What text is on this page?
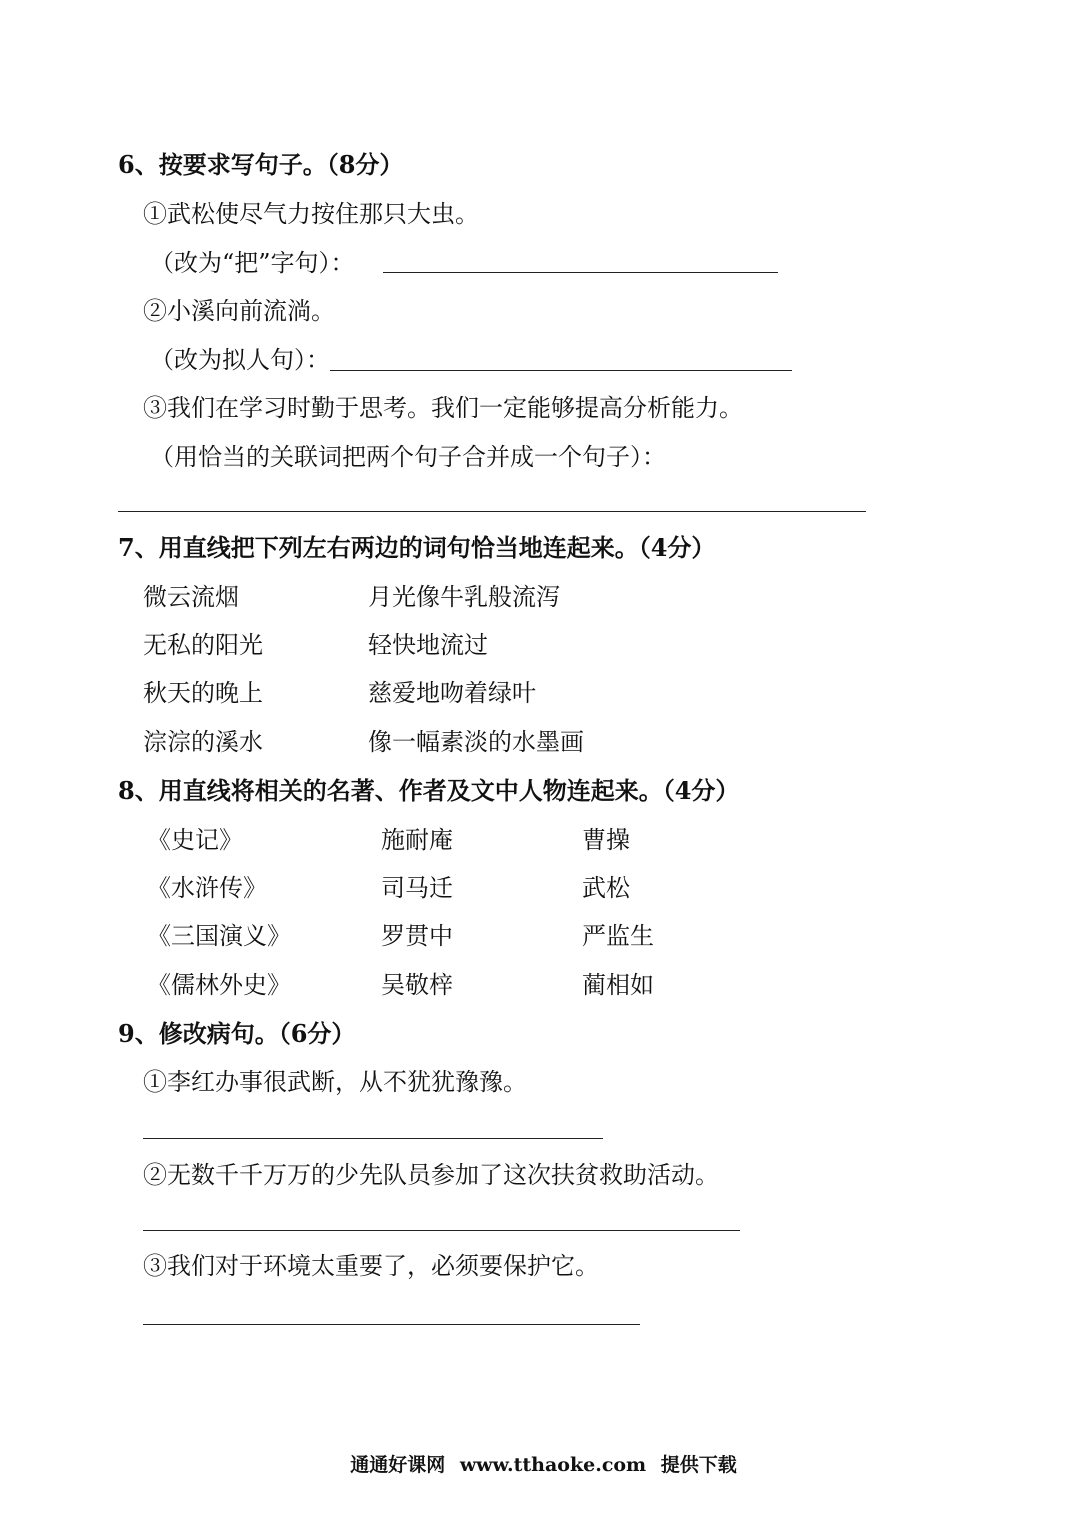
6、按要求写句子。（8分）
①武松使尽气力按住那只大虫。
（改为“把”字句）：
②小溪向前流淌。
（改为拟人句）：
③我们在学习时勤于思考。我们一定能够提高分析能力。
（用恰当的关联词把两个句子合并成一个句子）：
7、用直线把下列左右两边的词句恰当地连起来。（4分）
微云流烟	月光像牛乳般流泻
无私的阳光	轻快地流过
秋天的晚上	慈爱地吻着绿叶
淙淙的溪水	像一幅素淡的水墨画
8、用直线将相关的名著、作者及文中人物连起来。（4分）
《史记》	施耐庵	曹操
《水浒传》	司马迁	武松
《三国演义》	罗贯中	严监生
《儒林外史》	吴敬梓	蔺相如
9、修改病句。（6分）
①李红办事很武断，从不犹犹豫豫。
②无数千千万万的少先队员参加了这次扶贫救助活动。
③我们对于环境太重要了，必须要保护它。
通通好课网 www.tthaoke.com 提供下载
